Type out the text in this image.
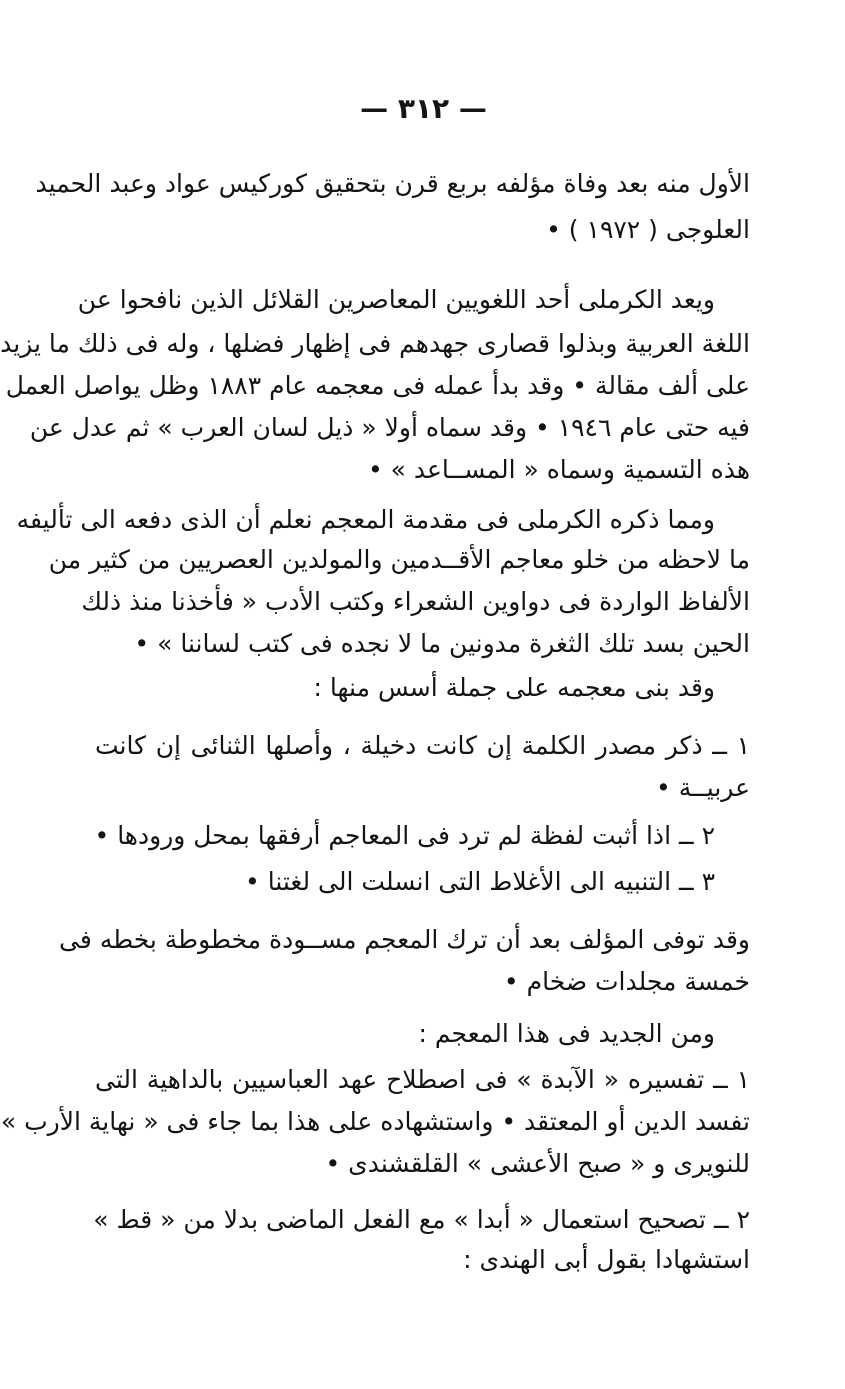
— ٣١٢ —
الأول منه بعد وفاة مؤلفه بربع قرن بتحقيق كوركيس عواد وعبد الحميد
العلوجى ( ١٩٧٢ ) •
ويعد الكرملى أحد اللغويين المعاصرين القلائل الذين نافحوا عن
اللغة العربية وبذلوا قصارى جهدهم فى إظهار فضلها ، وله فى ذلك ما يزيد
على ألف مقالة • وقد بدأ عمله فى معجمه عام ١٨٨٣ وظل يواصل العمل
فيه حتى عام ١٩٤٦ • وقد سماه أولا « ذيل لسان العرب » ثم عدل عن
هذه التسمية وسماه « المســاعد » •
ومما ذكره الكرملى فى مقدمة المعجم نعلم أن الذى دفعه الى تأليفه
ما لاحظه من خلو معاجم الأقــدمين والمولدين العصريين من كثير من
الألفاظ الواردة فى دواوين الشعراء وكتب الأدب « فأخذنا منذ ذلك
الحين بسد تلك الثغرة مدونين ما لا نجده فى كتب لساننا » •
وقد بنى معجمه على جملة أسس منها :
١ ــ ذكر مصدر الكلمة إن كانت دخيلة ، وأصلها الثنائى إن كانت
عربيــة •
٢ ــ اذا أثبت لفظة لم ترد فى المعاجم أرفقها بمحل ورودها •
٣ ــ التنبيه الى الأغلاط التى انسلت الى لغتنا •
وقد توفى المؤلف بعد أن ترك المعجم مســودة مخطوطة بخطه فى
خمسة مجلدات ضخام •
ومن الجديد فى هذا المعجم :
١ ــ تفسيره « الآبدة » فى اصطلاح عهد العباسيين بالداهية التى
تفسد الدين أو المعتقد • واستشهاده على هذا بما جاء فى « نهاية الأرب »
للنويرى و « صبح الأعشى » القلقشندى •
٢ ــ تصحيح استعمال « أبدا » مع الفعل الماضى بدلا من « قط »
استشهادا بقول أبى الهندى :
